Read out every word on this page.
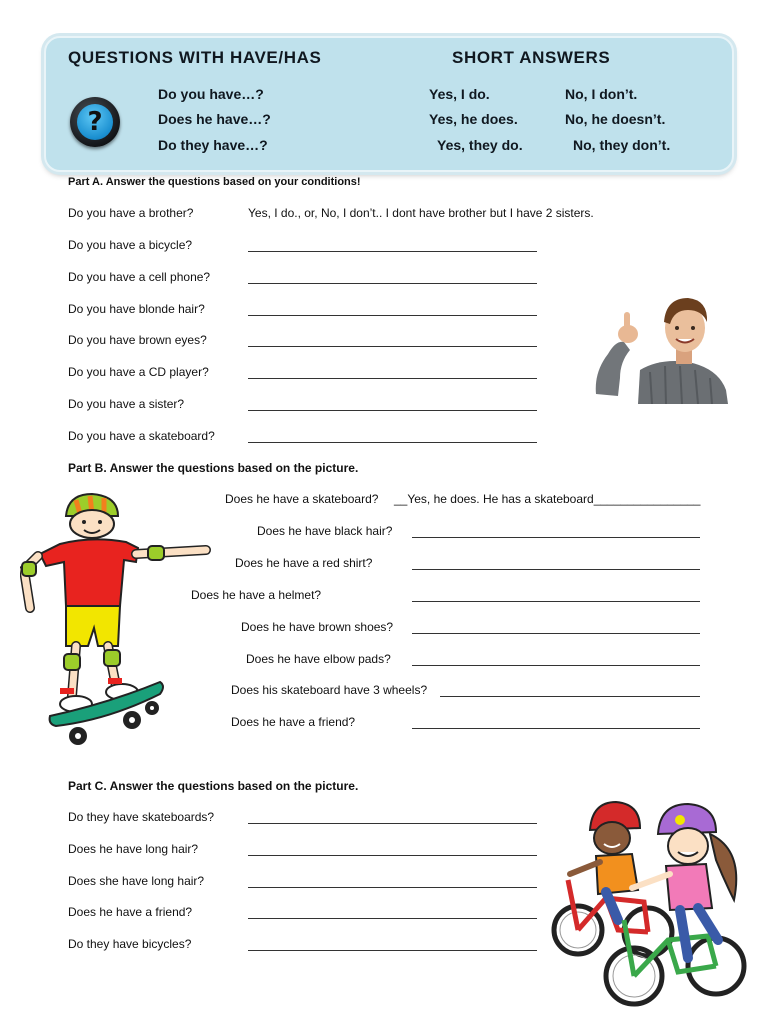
QUESTIONS WITH HAVE/HAS	SHORT ANSWERS
?
Do you have…?	Yes, I do.	No, I don’t.
Does he have…?	Yes, he does.	No, he doesn’t.
Do they have…?	Yes, they do.	No, they don’t.
Part A. Answer the questions based on your conditions!
Do you have a brother?	Yes, I do., or, No, I don’t.. I dont have brother but I have 2 sisters.
Do you have a bicycle?
Do you have a cell phone?
Do you have blonde hair?
Do you have brown eyes?
Do you have a CD player?
Do you have a sister?
Do you have a skateboard?
Part B. Answer the questions based on the picture.
Does he have a skateboard? __Yes, he does. He has a skateboard________________
Does he have black hair?
Does he have a red shirt?
Does he have a helmet?
Does he have brown shoes?
Does he have elbow pads?
Does his skateboard have 3 wheels?
Does he have a friend?
Part C. Answer the questions based on the picture.
Do they have skateboards?
Does he have long hair?
Does she have long hair?
Does he have a friend?
Do they have bicycles?
